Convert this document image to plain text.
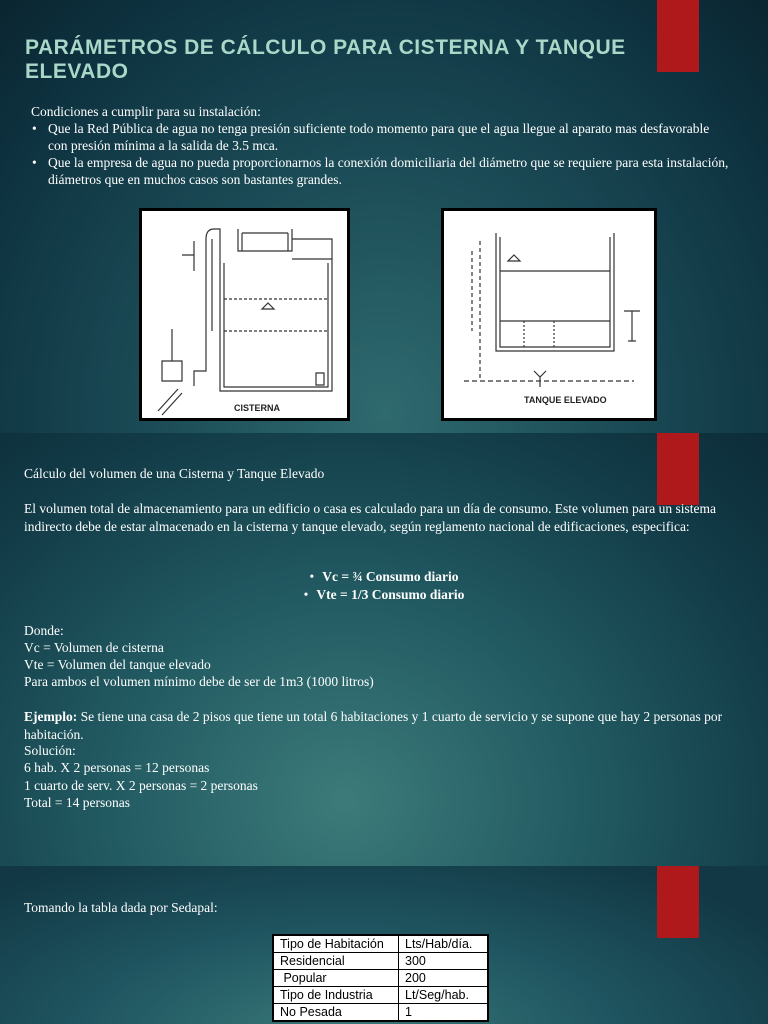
PARÁMETROS DE CÁLCULO PARA CISTERNA Y TANQUE ELEVADO
Condiciones a cumplir para su instalación:
• Que la Red Pública de agua no tenga presión suficiente todo momento para que el agua llegue al aparato mas desfavorable con presión mínima a la salida de 3.5 mca.
• Que la empresa de agua no pueda proporcionarnos la conexión domiciliaria del diámetro que se requiere para esta instalación, diámetros que en muchos casos son bastantes grandes.
CISTERNA
TANQUE ELEVADO

Cálculo del volumen de una Cisterna y Tanque Elevado

El volumen total de almacenamiento para un edificio o casa es calculado para un día de consumo. Este volumen para un sistema indirecto debe de estar almacenado en la cisterna y tanque elevado, según reglamento nacional de edificaciones, especifica:

• Vc = ¾ Consumo diario
• Vte = 1/3 Consumo diario

Donde:

Vc = Volumen de cisterna

Vte = Volumen del tanque elevado

Para ambos el volumen mínimo debe de ser de 1m3 (1000 litros)

Ejemplo: Se tiene una casa de 2 pisos que tiene un total 6 habitaciones y 1 cuarto de servicio y se supone que hay 2 personas por habitación.

Solución:

6 hab. X 2 personas = 12 personas

1 cuarto de serv. X 2 personas = 2 personas

Total = 14 personas

Tomando la tabla dada por Sedapal:

Tipo de Habitación	Lts/Hab/día.
Residencial	300
Popular	200
Tipo de Industria	Lt/Seg/hab.
No Pesada	1
